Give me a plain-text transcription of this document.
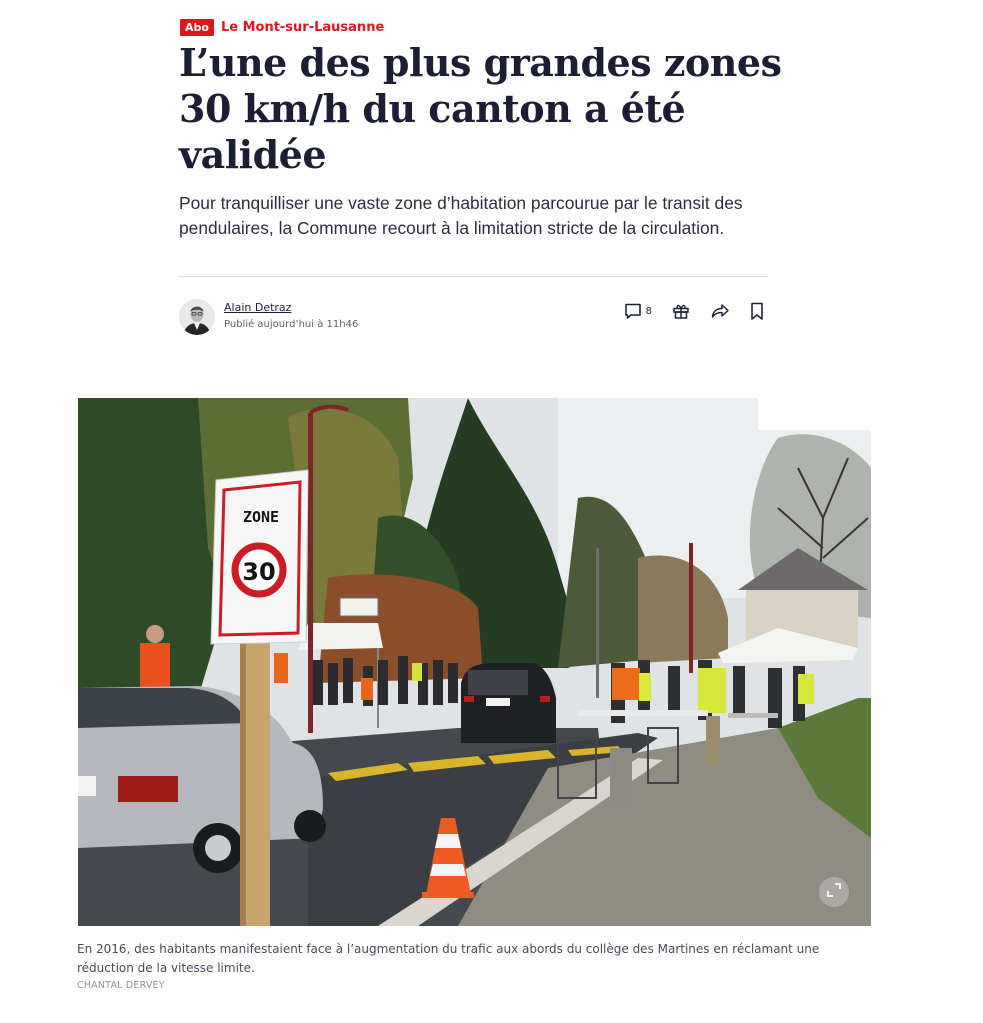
Abo Le Mont-sur-Lausanne
L’une des plus grandes zones 30 km/h du canton a été validée

Pour tranquilliser une vaste zone d’habitation parcourue par le transit des pendulaires, la Commune recourt à la limitation stricte de la circulation.

Alain Detraz
Publié aujourd’hui à 11h46
8
ZONE
30

En 2016, des habitants manifestaient face à l’augmentation du trafic aux abords du collège des Martines en réclamant une réduction de la vitesse limite.

CHANTAL DERVEY
